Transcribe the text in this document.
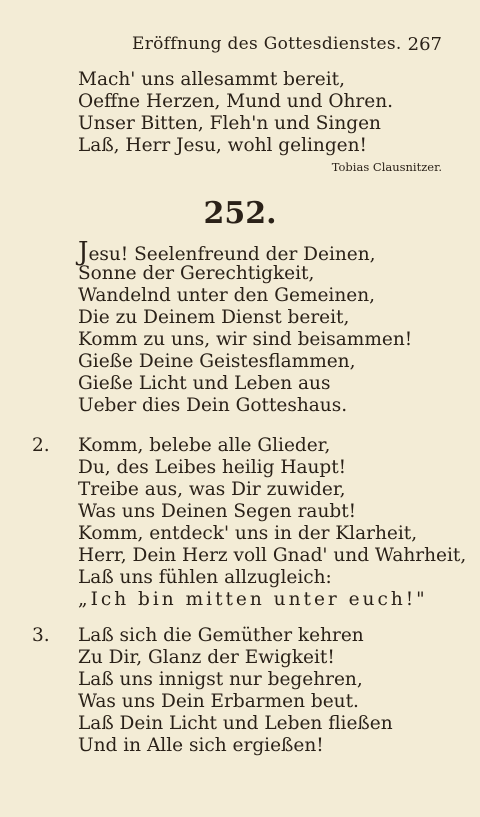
Eröffnung des Gottesdienstes. 267
Mach' uns allesammt bereit,
Oeffne Herzen, Mund und Ohren.
Unser Bitten, Fleh'n und Singen
Laß, Herr Jesu, wohl gelingen!
Tobias Clausnitzer.
252.
Jesu! Seelenfreund der Deinen,
Sonne der Gerechtigkeit,
Wandelnd unter den Gemeinen,
Die zu Deinem Dienst bereit,
Komm zu uns, wir sind beisammen!
Gieße Deine Geistesflammen,
Gieße Licht und Leben aus
Ueber dies Dein Gotteshaus.
2. Komm, belebe alle Glieder,
Du, des Leibes heilig Haupt!
Treibe aus, was Dir zuwider,
Was uns Deinen Segen raubt!
Komm, entdeck' uns in der Klarheit,
Herr, Dein Herz voll Gnad' und Wahrheit,
Laß uns fühlen allzugleich:
„Ich bin mitten unter euch!"
3. Laß sich die Gemüther kehren
Zu Dir, Glanz der Ewigkeit!
Laß uns innigst nur begehren,
Was uns Dein Erbarmen beut.
Laß Dein Licht und Leben fließen
Und in Alle sich ergießen!
